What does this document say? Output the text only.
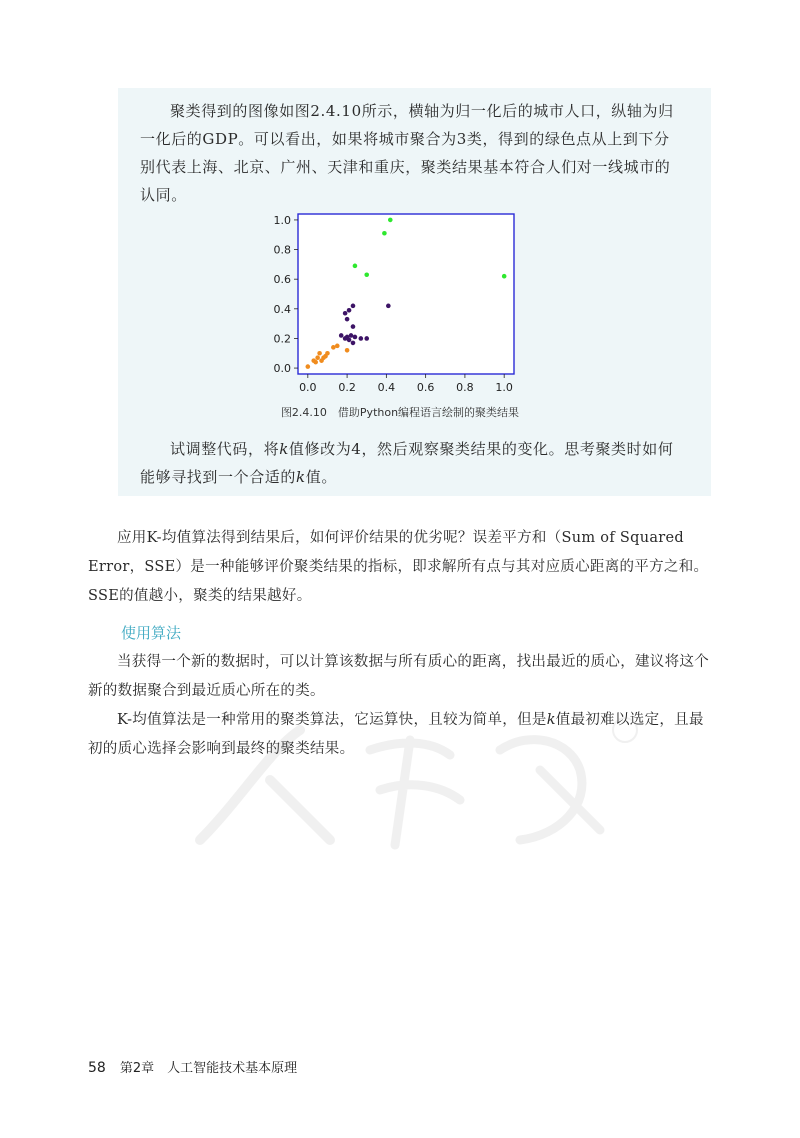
聚类得到的图像如图2.4.10所示，横轴为归一化后的城市人口，纵轴为归一化后的GDP。可以看出，如果将城市聚合为3类，得到的绿色点从上到下分别代表上海、北京、广州、天津和重庆，聚类结果基本符合人们对一线城市的认同。

0.0 0.2 0.4 0.6 0.8 1.0
0.0
0.2
0.4
0.6
0.8
1.0
图2.4.10　借助Python编程语言绘制的聚类结果

试调整代码，将k值修改为4，然后观察聚类结果的变化。思考聚类时如何能够寻找到一个合适的k值。

应用K-均值算法得到结果后，如何评价结果的优劣呢？误差平方和（Sum of Squared Error，SSE）是一种能够评价聚类结果的指标，即求解所有点与其对应质心距离的平方之和。SSE的值越小，聚类的结果越好。

使用算法

当获得一个新的数据时，可以计算该数据与所有质心的距离，找出最近的质心，建议将这个新的数据聚合到最近质心所在的类。

K-均值算法是一种常用的聚类算法，它运算快，且较为简单，但是k值最初难以选定，且最初的质心选择会影响到最终的聚类结果。

58 第2章　人工智能技术基本原理
